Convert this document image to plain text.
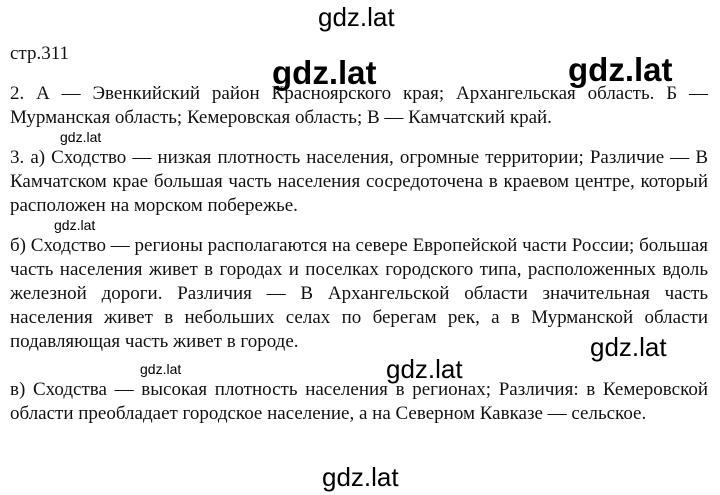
стр.311
2. А — Эвенкийский район Красноярского края; Архангельская область. Б — Мурманская область; Кемеровская область; В — Камчатский край.
3. а) Сходство — низкая плотность населения, огромные территории; Различие — В Камчатском крае большая часть населения сосредоточена в краевом центре, который расположен на морском побережье.
б) Сходство — регионы располагаются на севере Европейской части России; большая часть населения живет в городах и поселках городского типа, расположенных вдоль железной дороги. Различия — В Архангельской области значительная часть населения живет в небольших селах по берегам рек, а в Мурманской области подавляющая часть живет в городе.
в) Сходства — высокая плотность населения в регионах; Различия: в Кемеровской области преобладает городское население, а на Северном Кавказе — сельское.
gdz.lat
gdz.lat	gdz.lat
gdz.lat
gdz.lat
gdz.lat
gdz.lat	gdz.lat
gdz.lat
